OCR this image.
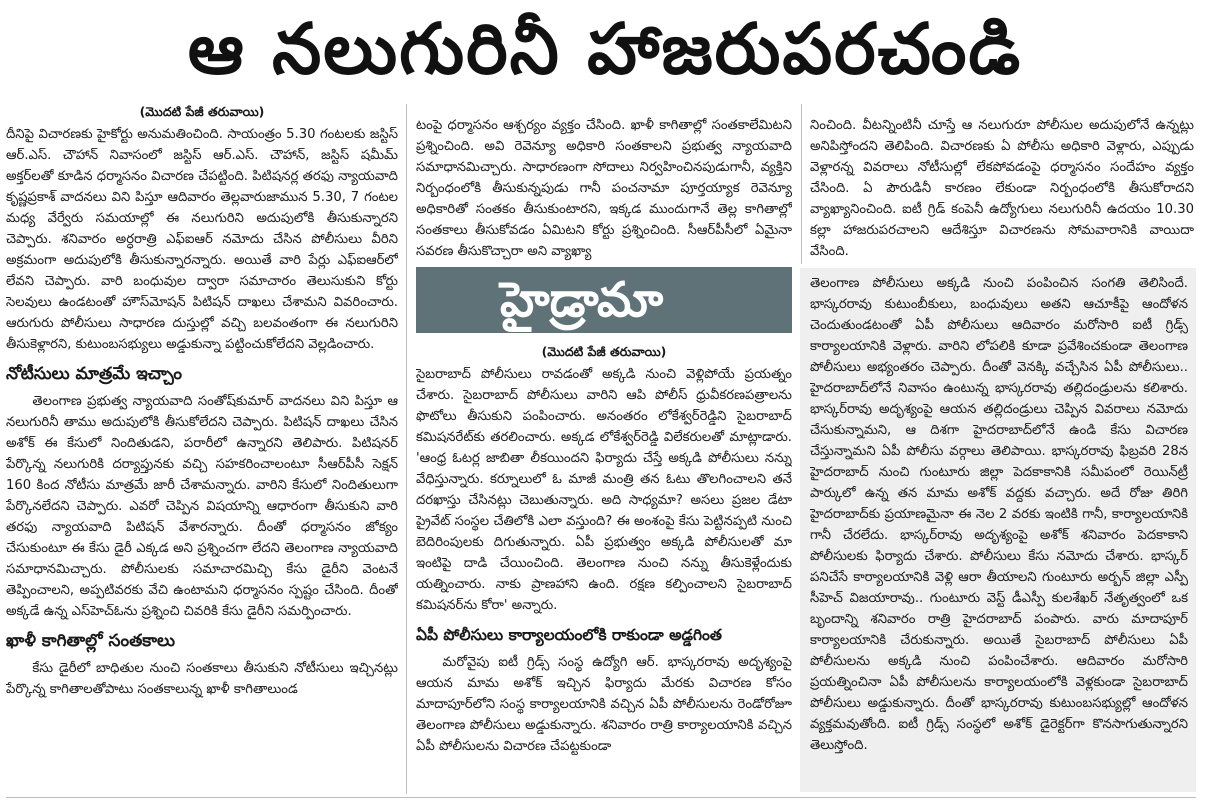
ఆ నలుగురినీ హాజరుపరచండి
(మొదటి పేజీ తరువాయి)

దీనిపై విచారణకు హైకోర్టు అనుమతించింది. సాయంత్రం 5.30 గంటలకు జస్టిస్‌ ఆర్‌.ఎస్‌. చౌహాన్‌ నివాసంలో జస్టిస్‌ ఆర్‌.ఎస్‌. చౌహాన్‌, జస్టిస్‌ షమీమ్‌ అక్తర్‌లతో కూడిన ధర్మాసనం విచారణ చేపట్టింది. పిటిషనర్ల తరఫు న్యాయవాది కృష్ణప్రకాశ్‌ వాదనలు విని పిస్తూ ఆదివారం తెల్లవారుజామున 5.30, 7 గంటల మధ్య వేర్వేరు సమయాల్లో ఈ నలుగురిని అదుపులోకి తీసుకున్నారని చెప్పారు. శనివారం అర్ధరాత్రి ఎఫ్‌ఐఆర్‌ నమోదు చేసిన పోలీసులు వీరిని అక్రమంగా అదుపులోకి తీసుకున్నారన్నారు. అయితే వారి పేర్లు ఎఫ్‌ఐఆర్‌లో లేవని చెప్పారు. వారి బంధువుల ద్వారా సమాచారం తెలుసుకుని కోర్టు సెలవులు ఉండటంతో హౌస్‌మోషన్‌ పిటిషన్‌ దాఖలు చేశామని వివరించారు. ఆరుగురు పోలీసులు సాధారణ దుస్తుల్లో వచ్చి బలవంతంగా ఈ నలుగురిని తీసుకెళ్లారని, కుటుంబసభ్యులు అడ్డుకున్నా పట్టించుకోలేదని వెల్లడించారు.

నోటీసులు మాత్రమే ఇచ్చాం

తెలంగాణ ప్రభుత్వ న్యాయవాది సంతోష్‌కుమార్‌ వాదనలు విని పిస్తూ ఆ నలుగురినీ తాము అదుపులోకి తీసుకోలేదని చెప్పారు. పిటిషన్‌ దాఖలు చేసిన అశోక్‌ ఈ కేసులో నిందితుడని, పరారీలో ఉన్నారని తెలిపారు. పిటిషనర్‌ పేర్కొన్న నలుగురికి దర్యాప్తునకు వచ్చి సహకరించాలంటూ సీఆర్‌పీసీ సెక్షన్‌ 160 కింద నోటీసు మాత్రమే జారీ చేశామన్నారు. వారిని కేసులో నిందితులుగా పేర్కొనలేదని చెప్పారు. ఎవరో చెప్పిన విషయాన్ని ఆధారంగా తీసుకుని వారి తరఫు న్యాయవాది పిటిషన్‌ వేశారన్నారు. దీంతో ధర్మాసనం జోక్యం చేసుకుంటూ ఈ కేసు డైరీ ఎక్కడ అని ప్రశ్నించగా లేదని తెలంగాణ న్యాయవాది సమాధానమిచ్చారు. పోలీసులకు సమాచారమిచ్చి కేసు డైరీని వెంటనే తెప్పించాలని, అప్పటివరకు వేచి ఉంటామని ధర్మాసనం స్పష్టం చేసింది. దీంతో అక్కడే ఉన్న ఎస్‌హెచ్‌ఓను ప్రశ్నించి చివరికి కేసు డైరీని సమర్పించారు.

ఖాళీ కాగితాల్లో సంతకాలు

కేసు డైరీలో బాధితుల నుంచి సంతకాలు తీసుకుని నోటీసులు ఇచ్చినట్లు పేర్కొన్న కాగితాలతోపాటు సంతకాలున్న ఖాళీ కాగితాలుండ

టంపై ధర్మాసనం ఆశ్చర్యం వ్యక్తం చేసింది. ఖాళీ కాగితాల్లో సంతకాలేమిటని ప్రశ్నించింది. అవి రెవెన్యూ అధికారి సంతకాలని ప్రభుత్వ న్యాయవాది సమాధానమిచ్చారు. సాధారణంగా సోదాలు నిర్వహించినపుడుగానీ, వ్యక్తిని నిర్బంధంలోకి తీసుకున్నపుడు గానీ పంచనామా పూర్తయ్యాక రెవెన్యూ అధికారితో సంతకం తీసుకుంటారని, ఇక్కడ ముందుగానే తెల్ల కాగితాల్లో సంతకాలు తీసుకోవడం ఏమిటని కోర్టు ప్రశ్నించింది. సీఆర్‌పీసీలో ఏమైనా సవరణ తీసుకొచ్చారా అని వ్యాఖ్యా

నించింది. వీటన్నింటినీ చూస్తే ఆ నలుగురూ పోలీసుల అదుపులోనే ఉన్నట్లు అనిపిస్తోందని తెలిపింది. విచారణకు ఏ పోలీసు అధికారి వెళ్లారు, ఎప్పుడు వెళ్లారన్న వివరాలు నోటీసుల్లో లేకపోవడంపై ధర్మాసనం సందేహం వ్యక్తం చేసింది. ఏ పౌరుడినీ కారణం లేకుండా నిర్బంధంలోకి తీసుకోరాదని వ్యాఖ్యానించింది. ఐటీ గ్రిడ్‌ కంపెనీ ఉద్యోగులు నలుగురినీ ఉదయం 10.30 కల్లా హాజరుపరచాలని ఆదేశిస్తూ విచారణను సోమవారానికి వాయిదా వేసింది.

హైడ్రామా
(మొదటి పేజీ తరువాయి)

సైబరాబాద్‌ పోలీసులు రావడంతో అక్కడి నుంచి వెళ్లిపోయే ప్రయత్నం చేశారు. సైబరాబాద్‌ పోలీసులు వారిని ఆపి పోలీస్‌ ధ్రువీకరణపత్రాలను ఫొటోలు తీసుకుని పంపించారు. అనంతరం లోకేశ్వర్‌రెడ్డిని సైబరాబాద్‌ కమిషనరేట్‌కు తరలించారు. అక్కడ లోకేశ్వర్‌రెడ్డి విలేకరులతో మాట్లాడారు. 'ఆంధ్ర ఓటర్ల జాబితా లీకయిందని ఫిర్యాదు చేస్తే అక్కడి పోలీసులు నన్ను వేధిస్తున్నారు. కర్నూలులో ఓ మాజీ మంత్రి తన ఓటు తొలగించాలని తనే దరఖాస్తు చేసినట్లు చెబుతున్నారు. అది సాధ్యమా? అసలు ప్రజల డేటా ప్రైవేట్‌ సంస్థల చేతిలోకి ఎలా వస్తుంది? ఈ అంశంపై కేసు పెట్టినప్పటి నుంచి బెదిరింపులకు దిగుతున్నారు. ఏపీ ప్రభుత్వం అక్కడి పోలీసులతో మా ఇంటిపై దాడి చేయించింది. తెలంగాణ నుంచి నన్ను తీసుకెళ్లేందుకు యత్నించారు. నాకు ప్రాణహాని ఉంది. రక్షణ కల్పించాలని సైబరాబాద్‌ కమిషనర్‌ను కోరా' అన్నారు.

ఏపీ పోలీసులు కార్యాలయంలోకి రాకుండా అడ్డగింత

మరోవైపు ఐటీ గ్రిడ్స్‌ సంస్థ ఉద్యోగి ఆర్‌. భాస్కరరావు అదృశ్యంపై ఆయన మామ అశోక్‌ ఇచ్చిన ఫిర్యాదు మేరకు విచారణ కోసం మాదాపూర్‌లోని సంస్థ కార్యాలయానికి వచ్చిన ఏపీ పోలీసులను రెండోరోజూ తెలంగాణ పోలీసులు అడ్డుకున్నారు. శనివారం రాత్రి కార్యాలయానికి వచ్చిన ఏపీ పోలీసులను విచారణ చేపట్టకుండా

తెలంగాణ పోలీసులు అక్కడి నుంచి పంపించిన సంగతి తెలిసిందే. భాస్కరరావు కుటుంబీకులు, బంధువులు అతని ఆచూకీపై ఆందోళన చెందుతుండటంతో ఏపీ పోలీసులు ఆదివారం మరోసారి ఐటీ గ్రిడ్స్‌ కార్యాలయానికి వెళ్లారు. వారిని లోపలికి కూడా ప్రవేశించకుండా తెలంగాణ పోలీసులు అభ్యంతరం చెప్పారు. దీంతో వెనక్కి వచ్చేసిన ఏపీ పోలీసులు.. హైదరాబాద్‌లోనే నివాసం ఉంటున్న భాస్కరరావు తల్లిదండ్రులను కలిశారు. భాస్కర్‌రావు అదృశ్యంపై ఆయన తల్లిదండ్రులు చెప్పిన వివరాలు నమోదు చేసుకున్నామని, ఆ దిశగా హైదరాబాద్‌లోనే ఉండి కేసు విచారణ చేస్తున్నామని ఏపీ పోలీసు వర్గాలు తెలిపాయి. భాస్కరరావు ఫిబ్రవరి 28న హైదరాబాద్‌ నుంచి గుంటూరు జిల్లా పెదకాకానికి సమీపంలో రెయిన్‌ట్రీ పార్కులో ఉన్న తన మామ అశోక్‌ వద్దకు వచ్చారు. అదే రోజు తిరిగి హైదరాబాద్‌కు ప్రయాణమైనా ఈ నెల 2 వరకు ఇంటికి గానీ, కార్యాలయానికి గానీ చేరలేదు. భాస్కర్‌రావు అదృశ్యంపై అశోక్‌ శనివారం పెదకాకాని పోలీసులకు ఫిర్యాదు చేశారు. పోలీసులు కేసు నమోదు చేశారు. భాస్కర్‌ పనిచేసే కార్యాలయానికి వెళ్లి ఆరా తీయాలని గుంటూరు అర్బన్‌ జిల్లా ఎస్పీ సీహెచ్‌ విజయారావు.. గుంటూరు వెస్ట్‌ డీఎస్పీ కులశేఖర్‌ నేతృత్వంలో ఒక బృందాన్ని శనివారం రాత్రి హైదరాబాద్‌ పంపారు. వారు మాదాపూర్‌ కార్యాలయానికి చేరుకున్నారు. అయితే సైబరాబాద్‌ పోలీసులు ఏపీ పోలీసులను అక్కడి నుంచి పంపించేశారు. ఆదివారం మరోసారి ప్రయత్నించినా ఏపీ పోలీసులను కార్యాలయంలోకి వెళ్లకుండా సైబరాబాద్‌ పోలీసులు అడ్డుకున్నారు. దీంతో భాస్కరరావు కుటుంబసభ్యుల్లో ఆందోళన వ్యక్తమవుతోంది. ఐటీ గ్రిడ్స్‌ సంస్థలో అశోక్‌ డైరెక్టర్‌గా కొనసాగుతున్నారని తెలుస్తోంది.
